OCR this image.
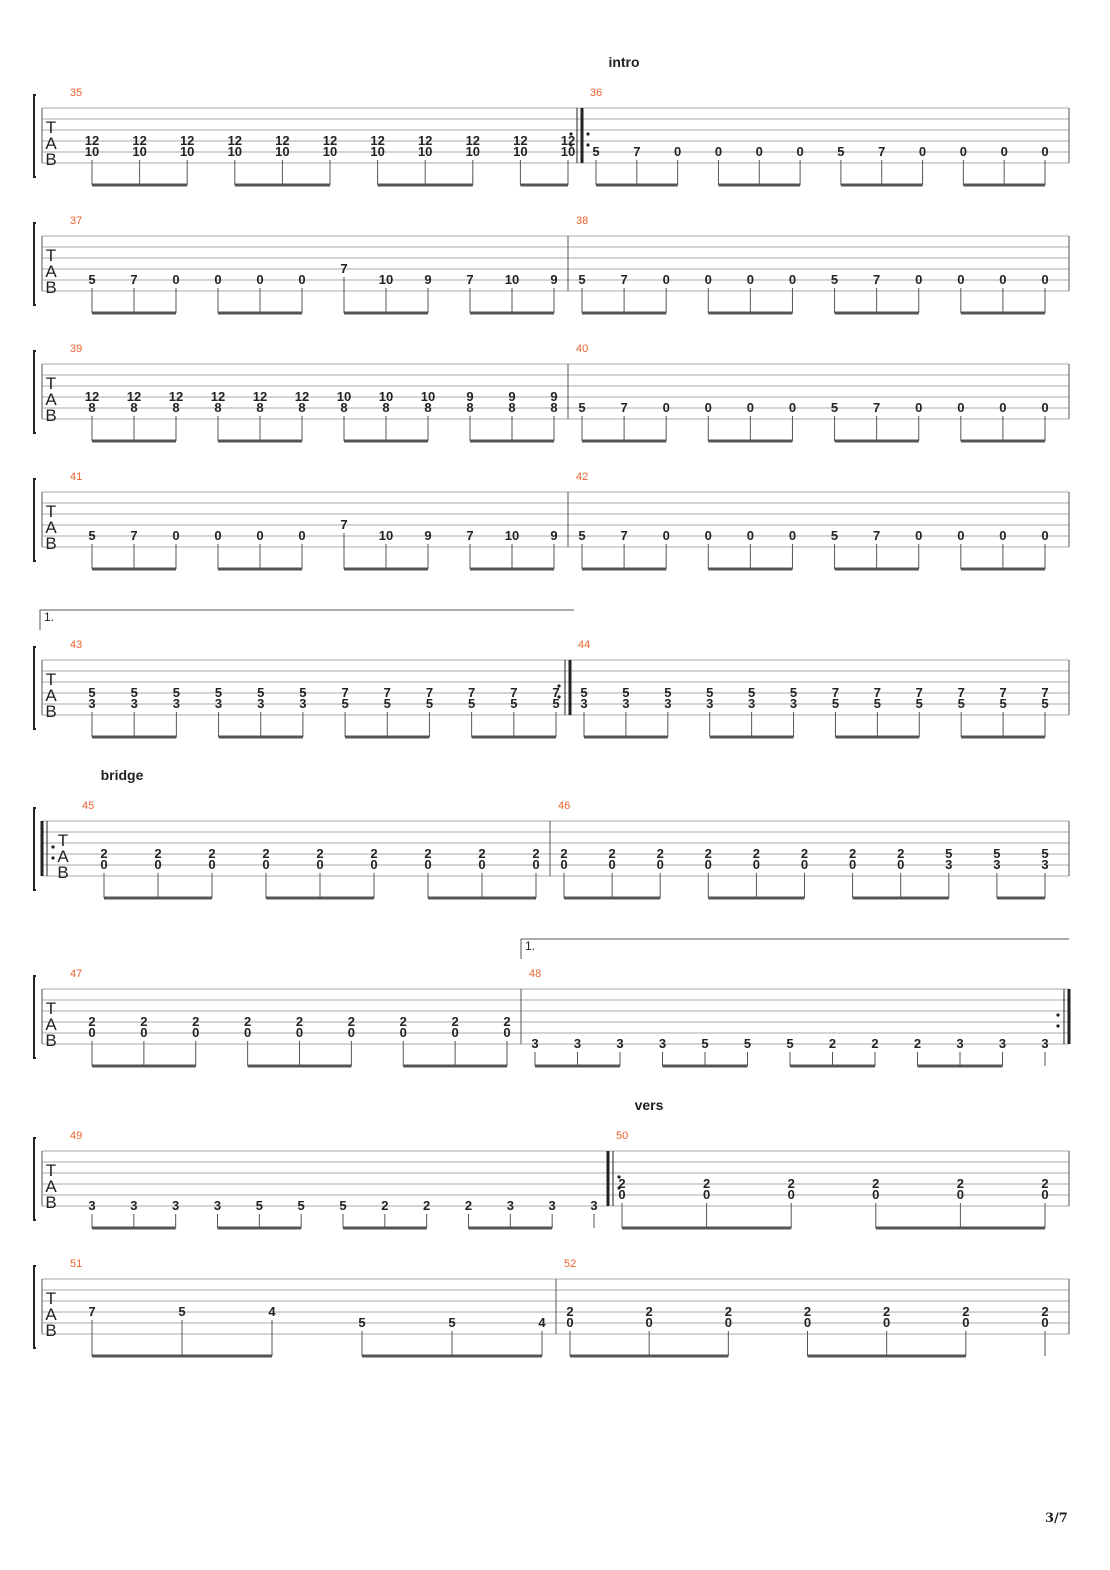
3/7
T
A
B
intro
35
12
10
12
10
12
10
12
10
12
10
12
10
12
10
12
10
12
10
12
10
12
10
36
5	7	0	0	0	0	5	7	0	0	0	0
T
A
B
37
5	7	0	0	0	0
7
10 9	7 10 9
38
5	7	0	0	0	0	5	7	0	0	0	0
T
A
B
39
12
8
12
8
12
8
12
8
12
8
12
8
10
8
10
8
10
8
9
8
9
8
9
8
40
5	7	0	0	0	0	5	7	0	0	0	0
T
A
B
41
5	7	0	0	0	0
7
10 9	7 10 9
42
5	7	0	0	0	0	5	7	0	0	0	0
T
A
B
43
5
3
5
3
5
3
5
3
5
3
5
3
7
5
7
5
7
5
7
5
7
5
7
5
44
5
3
5
3
5
3
5
3
5
3
5
3
7
5
7
5
7
5
7
5
7
5
7
5
T
A
B
bridge
45
2
0
2
0
2
0
2
0
2
0
2
0
2
0
2
0
2
0
46
2
0
2
0
2
0
2
0
2
0
2
0
2
0
2
0
5
3
5
3
5
3
T
A
B
47
2
0
2
0
2
0
2
0
2
0
2
0
2
0
2
0
2
0
48
3	3	3	3	5	5	5	2	2	2	3	3	3
T
A
B
vers
49
3	3	3	3	5	5	5	2	2	2	3	3	3
50
2
0
2
0
2
0
2
0
2
0
2
0
T
A
B
51
7	5	4
5	5	4
52
2
0
2
0
2
0
2
0
2
0
2
0
2
0
1.
1.
